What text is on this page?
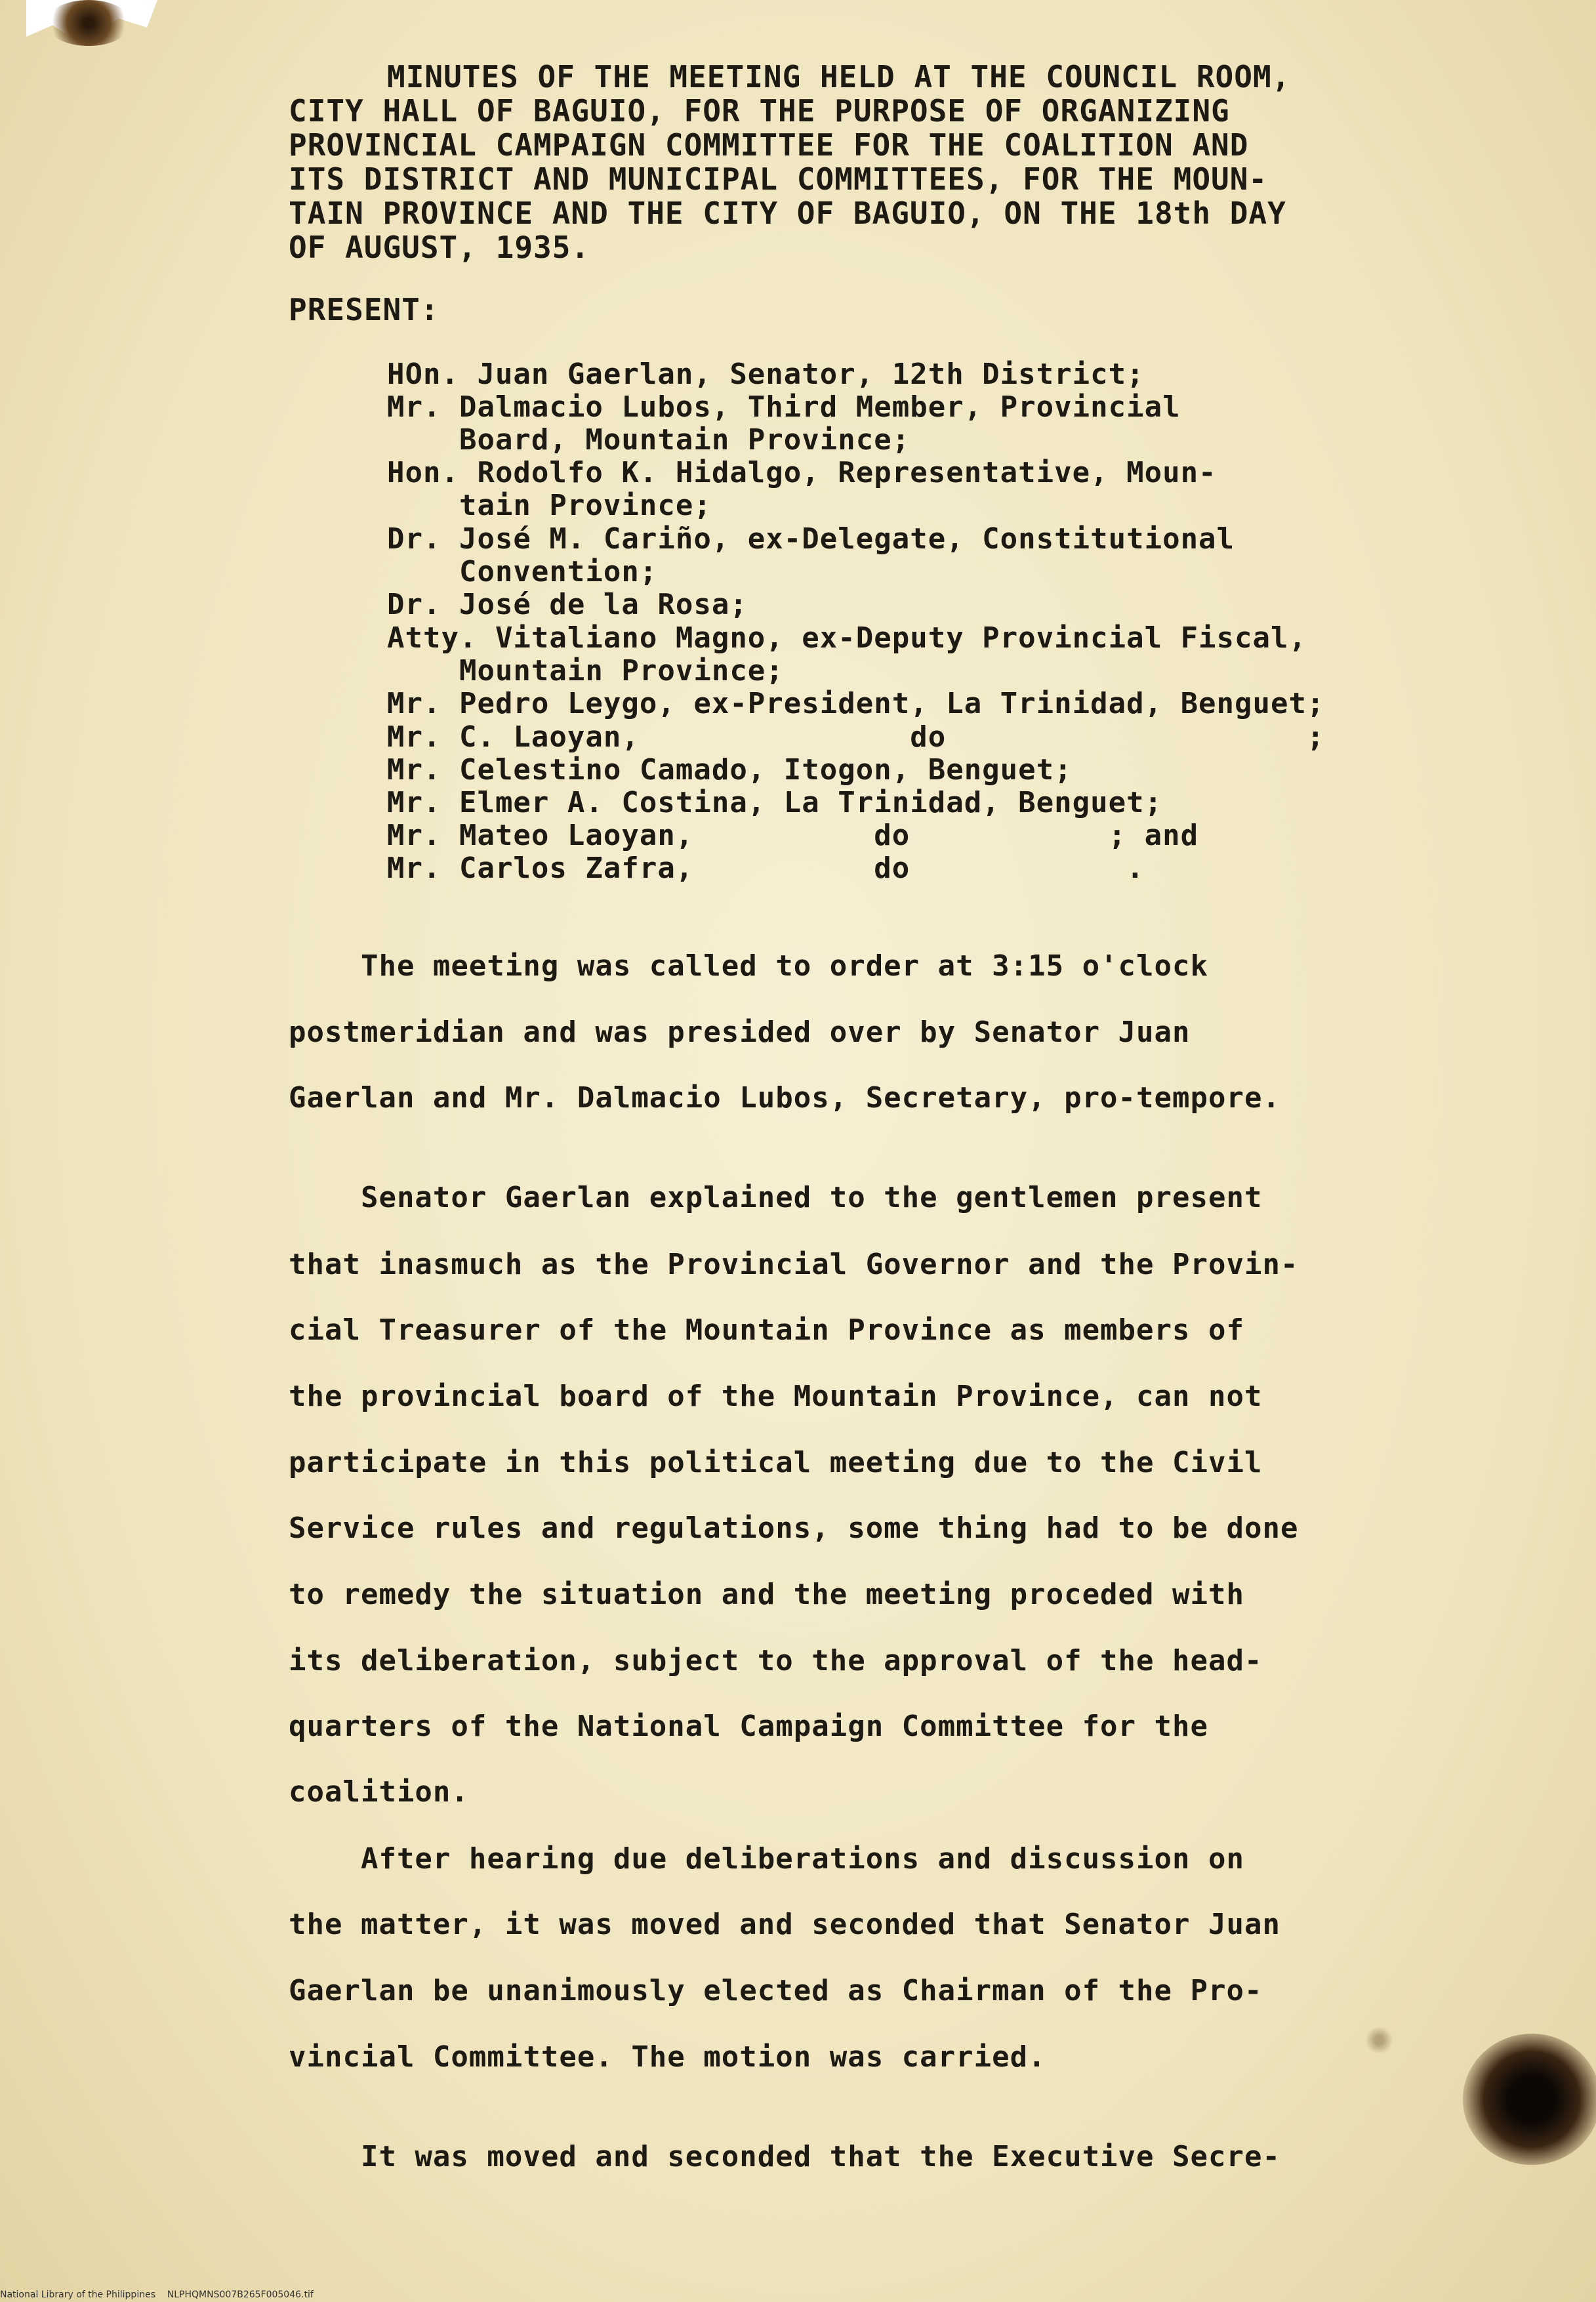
MINUTES OF THE MEETING HELD AT THE COUNCIL ROOM,
CITY HALL OF BAGUIO, FOR THE PURPOSE OF ORGANIZING
PROVINCIAL CAMPAIGN COMMITTEE FOR THE COALITION AND
ITS DISTRICT AND MUNICIPAL COMMITTEES, FOR THE MOUN-
TAIN PROVINCE AND THE CITY OF BAGUIO, ON THE 18th DAY
OF AUGUST, 1935.
PRESENT:
HOn. Juan Gaerlan, Senator, 12th District;
Mr. Dalmacio Lubos, Third Member, Provincial
Board, Mountain Province;
Hon. Rodolfo K. Hidalgo, Representative, Moun-
tain Province;
Dr. José M. Cariño, ex-Delegate, Constitutional
Convention;
Dr. José de la Rosa;
Atty. Vitaliano Magno, ex-Deputy Provincial Fiscal,
Mountain Province;
Mr. Pedro Leygo, ex-President, La Trinidad, Benguet;
Mr. C. Laoyan,               do                    ;
Mr. Celestino Camado, Itogon, Benguet;
Mr. Elmer A. Costina, La Trinidad, Benguet;
Mr. Mateo Laoyan,          do           ; and
Mr. Carlos Zafra,          do            .
The meeting was called to order at 3:15 o'clock
postmeridian and was presided over by Senator Juan
Gaerlan and Mr. Dalmacio Lubos, Secretary, pro-tempore.
Senator Gaerlan explained to the gentlemen present
that inasmuch as the Provincial Governor and the Provin-
cial Treasurer of the Mountain Province as members of
the provincial board of the Mountain Province, can not
participate in this political meeting due to the Civil
Service rules and regulations, some thing had to be done
to remedy the situation and the meeting proceded with
its deliberation, subject to the approval of the head-
quarters of the National Campaign Committee for the
coalition.
After hearing due deliberations and discussion on
the matter, it was moved and seconded that Senator Juan
Gaerlan be unanimously elected as Chairman of the Pro-
vincial Committee. The motion was carried.
It was moved and seconded that the Executive Secre-
National Library of the Philippines    NLPHQMNS007B265F005046.tif
